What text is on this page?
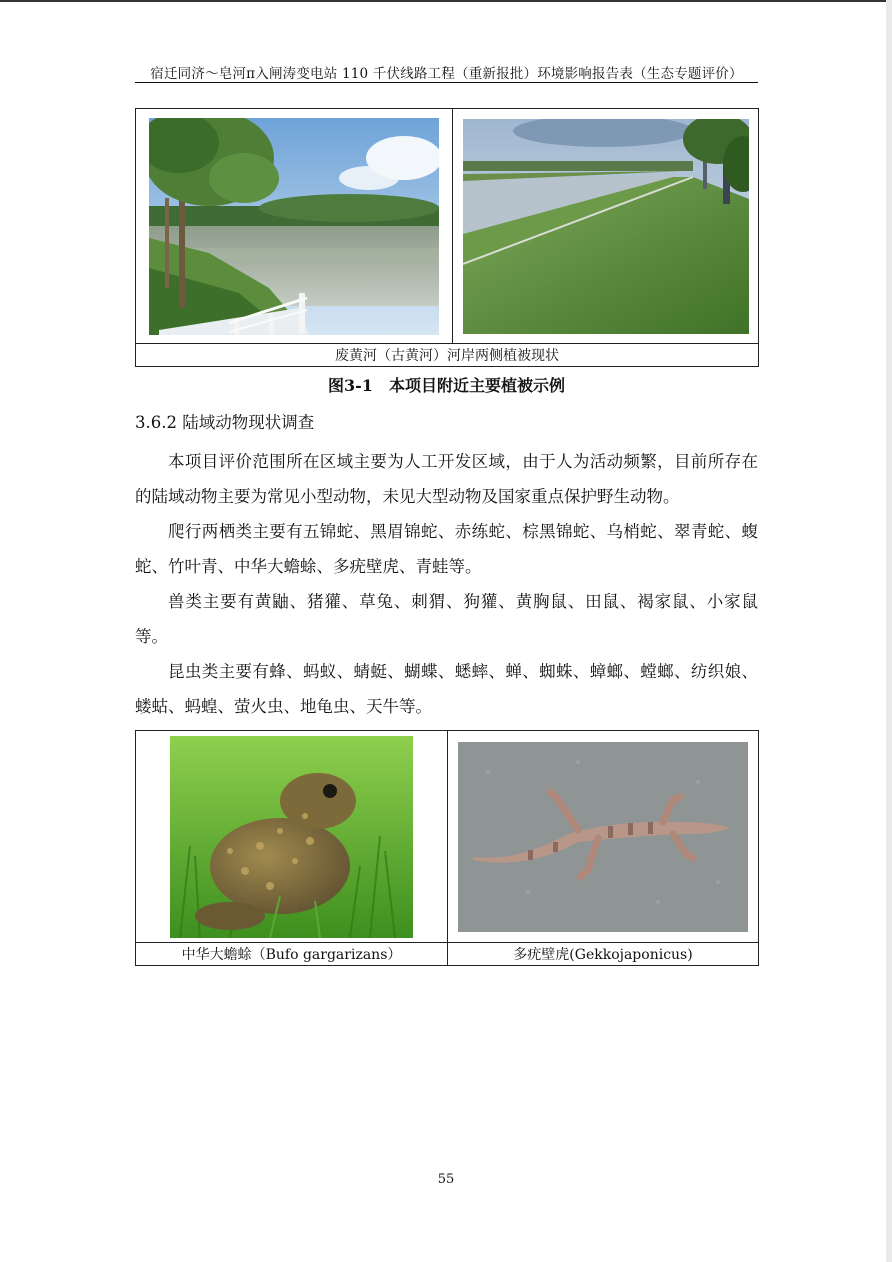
宿迁同济～皂河π入闸涛变电站 110 千伏线路工程（重新报批）环境影响报告表（生态专题评价）

废黄河（古黄河）河岸两侧植被现状
图3-1　本项目附近主要植被示例
3.6.2 陆域动物现状调查

本项目评价范围所在区域主要为人工开发区域，由于人为活动频繁，目前所存在的陆域动物主要为常见小型动物，未见大型动物及国家重点保护野生动物。

爬行两栖类主要有五锦蛇、黑眉锦蛇、赤练蛇、棕黑锦蛇、乌梢蛇、翠青蛇、蝮蛇、竹叶青、中华大蟾蜍、多疣壁虎、青蛙等。

兽类主要有黄鼬、猪獾、草兔、刺猬、狗獾、黄胸鼠、田鼠、褐家鼠、小家鼠等。

昆虫类主要有蜂、蚂蚁、蜻蜓、蝴蝶、蟋蟀、蝉、蜘蛛、蟑螂、螳螂、纺织娘、蝼蛄、蚂蝗、萤火虫、地龟虫、天牛等。

中华大蟾蜍（Bufo gargarizans）	多疣壁虎(Gekkojaponicus)
55
